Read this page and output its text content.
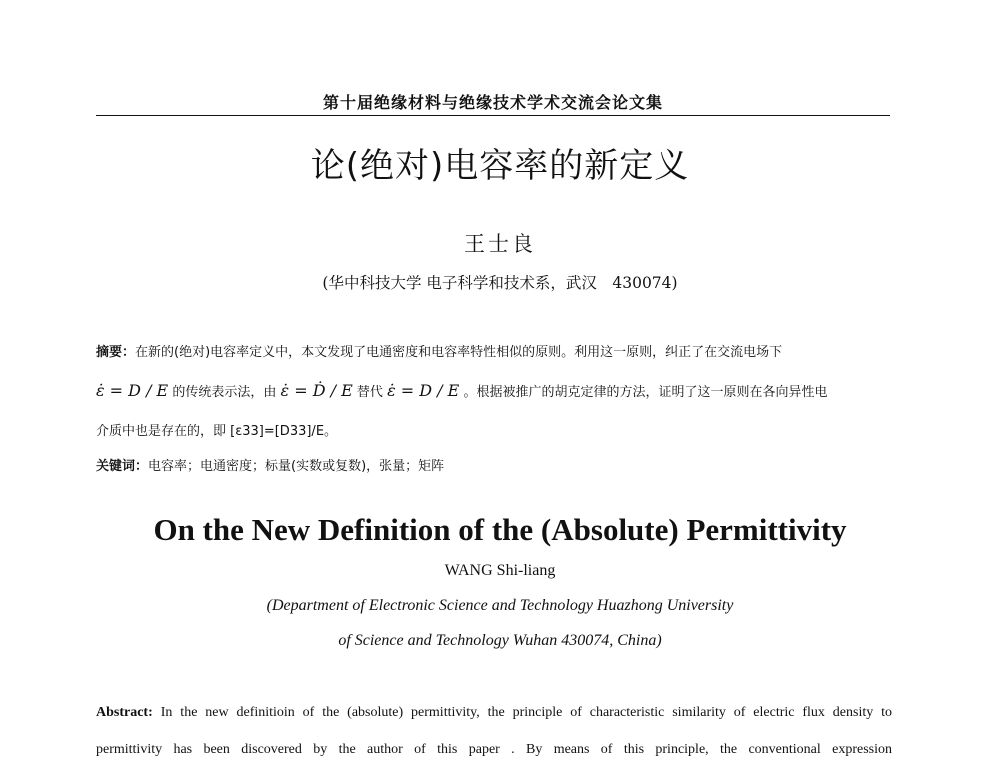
第十届绝缘材料与绝缘技术学术交流会论文集
论(绝对)电容率的新定义
王士良
(华中科技大学 电子科学和技术系，武汉　430074)
摘要：在新的(绝对)电容率定义中，本文发现了电通密度和电容率特性相似的原则。利用这一原则，纠正了在交流电场下
ε̇ = D / E 的传统表示法，由 ε̇ = Ḋ / E 替代 ε̇ = D / E 。根据被推广的胡克定律的方法，证明了这一原则在各向异性电
介质中也是存在的，即 [ε33]=[D33]/E。
关键词：电容率；电通密度；标量(实数或复数)，张量；矩阵
On the New Definition of the (Absolute) Permittivity
WANG Shi-liang
(Department of Electronic Science and Technology Huazhong University
of Science and Technology Wuhan 430074, China)
Abstract: In the new definitioin of the (absolute) permittivity, the principle of characteristic similarity of electric flux density to
permittivity has been discovered by the author of this paper . By means of this principle, the conventional expression
